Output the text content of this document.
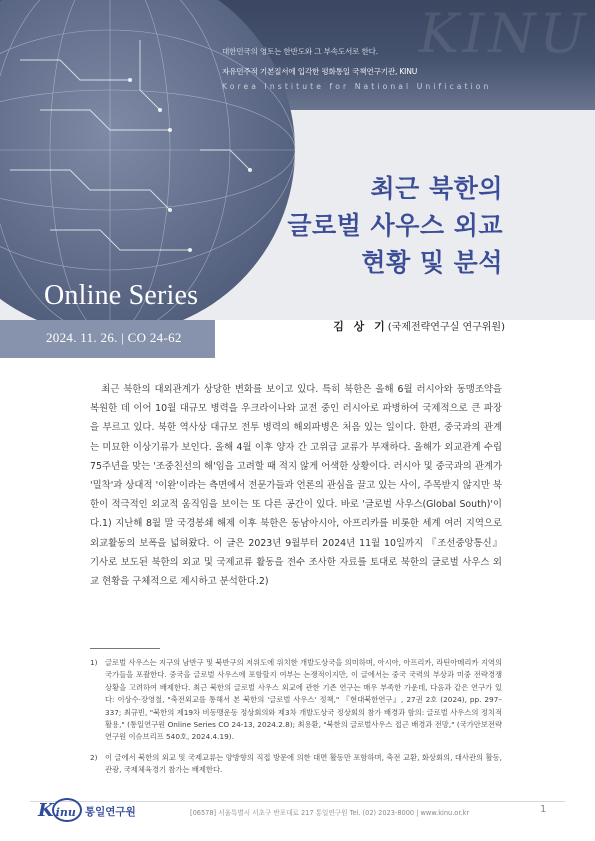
KINU
대한민국의 영토는 한반도와 그 부속도서로 한다.
자유민주적 기본질서에 입각한 평화통일 국책연구기관, KINU
Korea Institute for National Unification
최근 북한의
글로벌 사우스 외교
현황 및 분석
Online Series
2024. 11. 26. | CO 24-62
김 상 기(국제전략연구실 연구위원)

최근 북한의 대외관계가 상당한 변화를 보이고 있다. 특히 북한은 올해 6월 러시아와 동맹조약을 복원한 데 이어 10월 대규모 병력을 우크라이나와 교전 중인 러시아로 파병하여 국제적으로 큰 파장을 부르고 있다. 북한 역사상 대규모 전투 병력의 해외파병은 처음 있는 일이다. 한편, 중국과의 관계는 미묘한 이상기류가 보인다. 올해 4월 이후 양자 간 고위급 교류가 부재하다. 올해가 외교관계 수립 75주년을 맞는 '조중친선의 해'임을 고려할 때 적지 않게 어색한 상황이다. 러시아 및 중국과의 관계가 '밀착'과 상대적 '이완'이라는 측면에서 전문가들과 언론의 관심을 끌고 있는 사이, 주목받지 않지만 북한이 적극적인 외교적 움직임을 보이는 또 다른 공간이 있다. 바로 '글로벌 사우스(Global South)'이다.1) 지난해 8월 말 국경봉쇄 해제 이후 북한은 동남아시아, 아프리카를 비롯한 세계 여러 지역으로 외교활동의 보폭을 넓혀왔다. 이 글은 2023년 9월부터 2024년 11월 10일까지 『조선중앙통신』 기사로 보도된 북한의 외교 및 국제교류 활동을 전수 조사한 자료를 토대로 북한의 글로벌 사우스 외교 현황을 구체적으로 제시하고 분석한다.2)

1) 글로벌 사우스는 지구의 남반구 및 북반구의 저위도에 위치한 개발도상국을 의미하며, 아시아, 아프리카, 라틴아메리카 지역의 국가들을 포괄한다. 중국을 글로벌 사우스에 포함할지 여부는 논쟁적이지만, 이 글에서는 중국 국력의 부상과 미중 전략경쟁 상황을 고려하여 배제한다. 최근 북한의 글로벌 사우스 외교에 관한 기존 연구는 매우 부족한 가운데, 다음과 같은 연구가 있다: 이상수·장영철, "축전외교를 통해서 본 북한의 '글로벌 사우스' 정책," 『현대북한연구』, 27권 2호 (2024), pp. 297–337; 최규빈, "북한의 제19차 비동맹운동 정상회의와 제3차 개발도상국 정상회의 참가 배경과 함의: 글로벌 사우스의 정치적 활용," (통일연구원 Online Series CO 24-13, 2024.2.8); 최용환, "북한의 글로벌사우스 접근 배경과 전망," (국가안보전략연구원 이슈브리프 540호, 2024.4.19).
2) 이 글에서 북한의 외교 및 국제교류는 양방향의 직접 방문에 의한 대면 활동만 포함하며, 축전 교환, 화상회의, 대사관의 활동, 관광, 국제체육경기 참가는 배제한다.
Kinu 통일연구원	[06578] 서울특별시 서초구 반포대로 217 통일연구원 Tel. (02) 2023-8000 | www.kinu.or.kr	1
